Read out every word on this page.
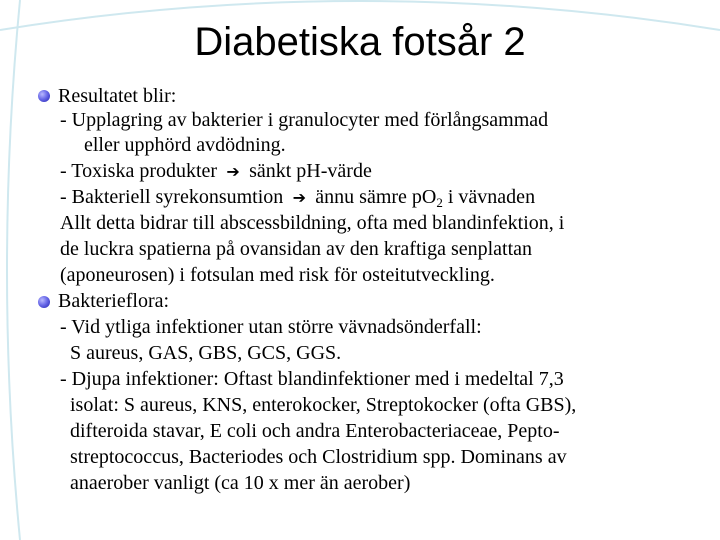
Diabetiska fotsår 2
Resultatet blir:
- Upplagring av bakterier i granulocyter med förlångsammad
eller upphörd avdödning.
- Toxiska produkter ➔ sänkt pH-värde
- Bakteriell syrekonsumtion ➔ ännu sämre $pO_2$ i vävnaden
Allt detta bidrar till abscessbildning, ofta med blandinfektion, i
de luckra spatierna på ovansidan av den kraftiga senplattan
(aponeurosen) i fotsulan med risk för osteitutveckling.
Bakterieflora:
- Vid ytliga infektioner utan större vävnadsönderfall:
S aureus, GAS, GBS, GCS, GGS.
- Djupa infektioner: Oftast blandinfektioner med i medeltal 7,3
isolat: S aureus, KNS, enterokocker, Streptokocker (ofta GBS),
difteroida stavar, E coli och andra Enterobacteriaceae, Pepto-
streptococcus, Bacteriodes och Clostridium spp. Dominans av
anaerober vanligt (ca 10 x mer än aerober)
